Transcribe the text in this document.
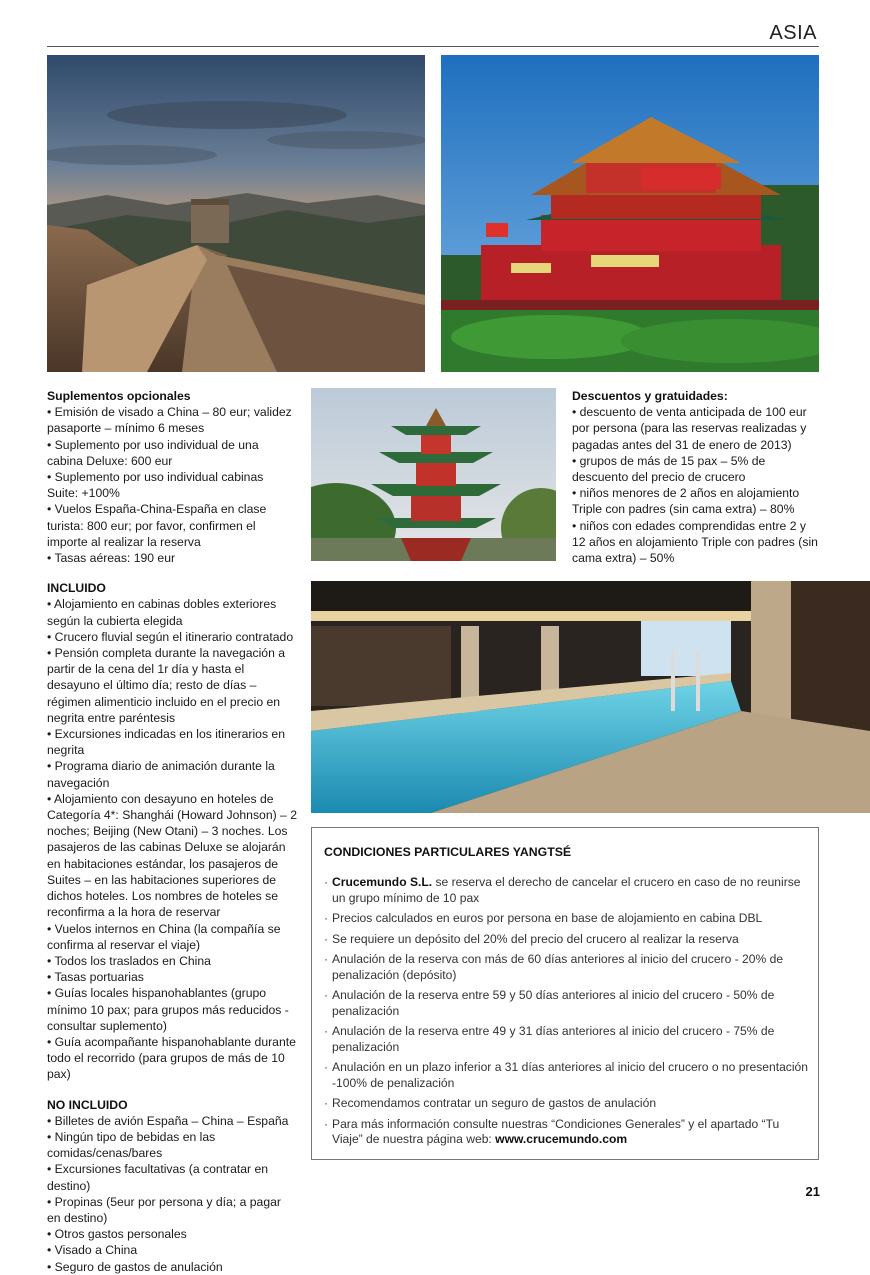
ASIA
Suplementos opcionales
• Emisión de visado a China – 80 eur; validez pasaporte – mínimo 6 meses
• Suplemento por uso individual de una cabina Deluxe: 600 eur
• Suplemento por uso individual cabinas Suite: +100%
• Vuelos España-China-España en clase turista: 800 eur; por favor, confirmen el importe al realizar la reserva
• Tasas aéreas: 190 eur
INCLUIDO
• Alojamiento en cabinas dobles exteriores según la cubierta elegida
• Crucero fluvial según el itinerario contratado
• Pensión completa durante la navegación a partir de la cena del 1r día y hasta el desayuno el último día; resto de días – régimen alimenticio incluido en el precio en negrita entre paréntesis
• Excursiones indicadas en los itinerarios en negrita
• Programa diario de animación durante la navegación
• Alojamiento con desayuno en hoteles de Categoría 4*: Shanghái (Howard Johnson) – 2 noches; Beijing (New Otani) – 3 noches. Los pasajeros de las cabinas Deluxe se alojarán en habitaciones estándar, los pasajeros de Suites – en las habitaciones superiores de dichos hoteles. Los nombres de hoteles se reconfirma a la hora de reservar
• Vuelos internos en China (la compañía se confirma al reservar el viaje)
• Todos los traslados en China
• Tasas portuarias
• Guías locales hispanohablantes (grupo mínimo 10 pax; para grupos más reducidos - consultar suplemento)
• Guía acompañante hispanohablante durante todo el recorrido (para grupos de más de 10 pax)
NO INCLUIDO
• Billetes de avión España – China – España
• Ningún tipo de bebidas en las comidas/cenas/bares
• Excursiones facultativas (a contratar en destino)
• Propinas (5eur por persona y día; a pagar en destino)
• Otros gastos personales
• Visado a China
• Seguro de gastos de anulación
Descuentos y gratuidades:
• descuento de venta anticipada de 100 eur por persona (para las reservas realizadas y pagadas antes del 31 de enero de 2013)
• grupos de más de 15 pax – 5% de descuento del precio de crucero
• niños menores de 2 años en alojamiento Triple con padres (sin cama extra) – 80%
• niños con edades comprendidas entre 2 y 12 años en alojamiento Triple con padres (sin cama extra) – 50%
CONDICIONES PARTICULARES YANGTSÉ
· Crucemundo S.L. se reserva el derecho de cancelar el crucero en caso de no reunirse un grupo mínimo de 10 pax
· Precios calculados en euros por persona en base de alojamiento en cabina DBL
· Se requiere un depósito del 20% del precio del crucero al realizar la reserva
· Anulación de la reserva con más de 60 días anteriores al inicio del crucero - 20% de penalización (depósito)
· Anulación de la reserva entre 59 y 50 días anteriores al inicio del crucero - 50% de penalización
· Anulación de la reserva entre 49 y 31 días anteriores al inicio del crucero - 75% de penalización
· Anulación en un plazo inferior a 31 días anteriores al inicio del crucero o no presentación -100% de penalización
· Recomendamos contratar un seguro de gastos de anulación
· Para más información consulte nuestras “Condiciones Generales” y el apartado “Tu Viaje” de nuestra página web: www.crucemundo.com
21
